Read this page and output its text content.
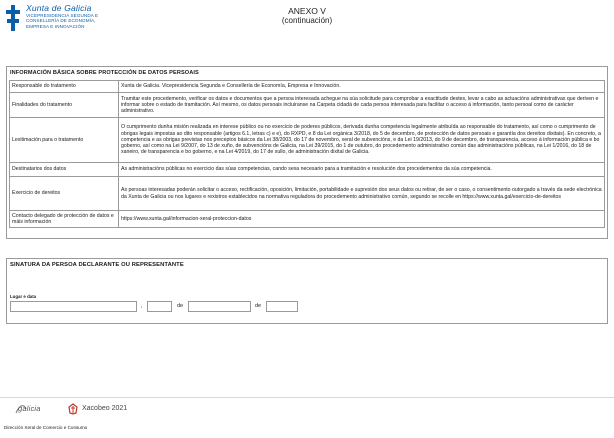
Xunta de Galicia
VICEPRESIDENCIA SEGUNDA E
CONSELLERÍA DE ECONOMÍA,
EMPRESA E INNOVACIÓN
ANEXO V
(continuación)
INFORMACIÓN BÁSICA SOBRE PROTECCIÓN DE DATOS PERSOAIS
Responsable do tratamento	Xunta de Galicia. Vicepresidencia Segunda e Consellería de Economía, Empresa e Innovación.
Finalidades do tratamento	Tramitar este procedemento, verificar os datos e documentos que a persoa interesada achegue na súa solicitude para comprobar a exactitude destes, levar a cabo as actuacións administrativas que deriven e informar sobre o estado de tramitación. Así mesmo, os datos persoais incluiranse na Carpeta cidadá de cada persoa interesada para facilitar o acceso á información, tanto persoal como de carácter administrativo.
Lexitimación para o tratamento	O cumprimento dunha misión realizada en interese público ou no exercicio de poderes públicos, derivada dunha competencia legalmente atribuída ao responsable do tratamento, así como o cumprimento de obrigas legais impostas ao dito responsable (artigos 6.1, letras c) e e), do RXPD, e 8 da Lei orgánica 3/2018, do 5 de decembro, de protección de datos persoais e garantía dos dereitos dixitais). En concreto, a competencia e as obrigas previstas nos preceptos básicos da Lei 38/2003, do 17 de novembro, xeral de subvencións, e da Lei 19/2013, do 9 de decembro, de transparencia, acceso á información pública e bo goberno, así como na Lei 9/2007, do 13 de xuño, de subvencións de Galicia, na Lei 39/2015, do 1 de outubro, do procedemento administrativo común das administracións públicas, na Lei 1/2016, do 18 de xaneiro, de transparencia e bo goberno, e na Lei 4/2019, do 17 de xullo, de administración dixital de Galicia.
Destinatarios dos datos	As administracións públicas no exercicio das súas competencias, cando sexa necesario para a tramitación e resolución dos procedementos da súa competencia.
Exercicio de dereitos	As persoas interesadas poderán solicitar o acceso, rectificación, oposición, limitación, portabilidade e supresión dos seus datos ou retirar, de ser o caso, o consentimento outorgado a través da sede electrónica da Xunta de Galicia ou nos lugares e rexistros establecidos na normativa reguladora do procedemento administrativo común, segundo se recolle en https://www.xunta.gal/exercicio-de-dereitos
Contacto delegado de protección de datos e máis información	https://www.xunta.gal/informacion-xeral-proteccion-datos
SINATURA DA PERSOA DECLARANTE OU REPRESENTANTE
Lugar e data
,	de	de
galicia	Xacobeo 2021
Dirección Xeral de Comercio e Consumo
